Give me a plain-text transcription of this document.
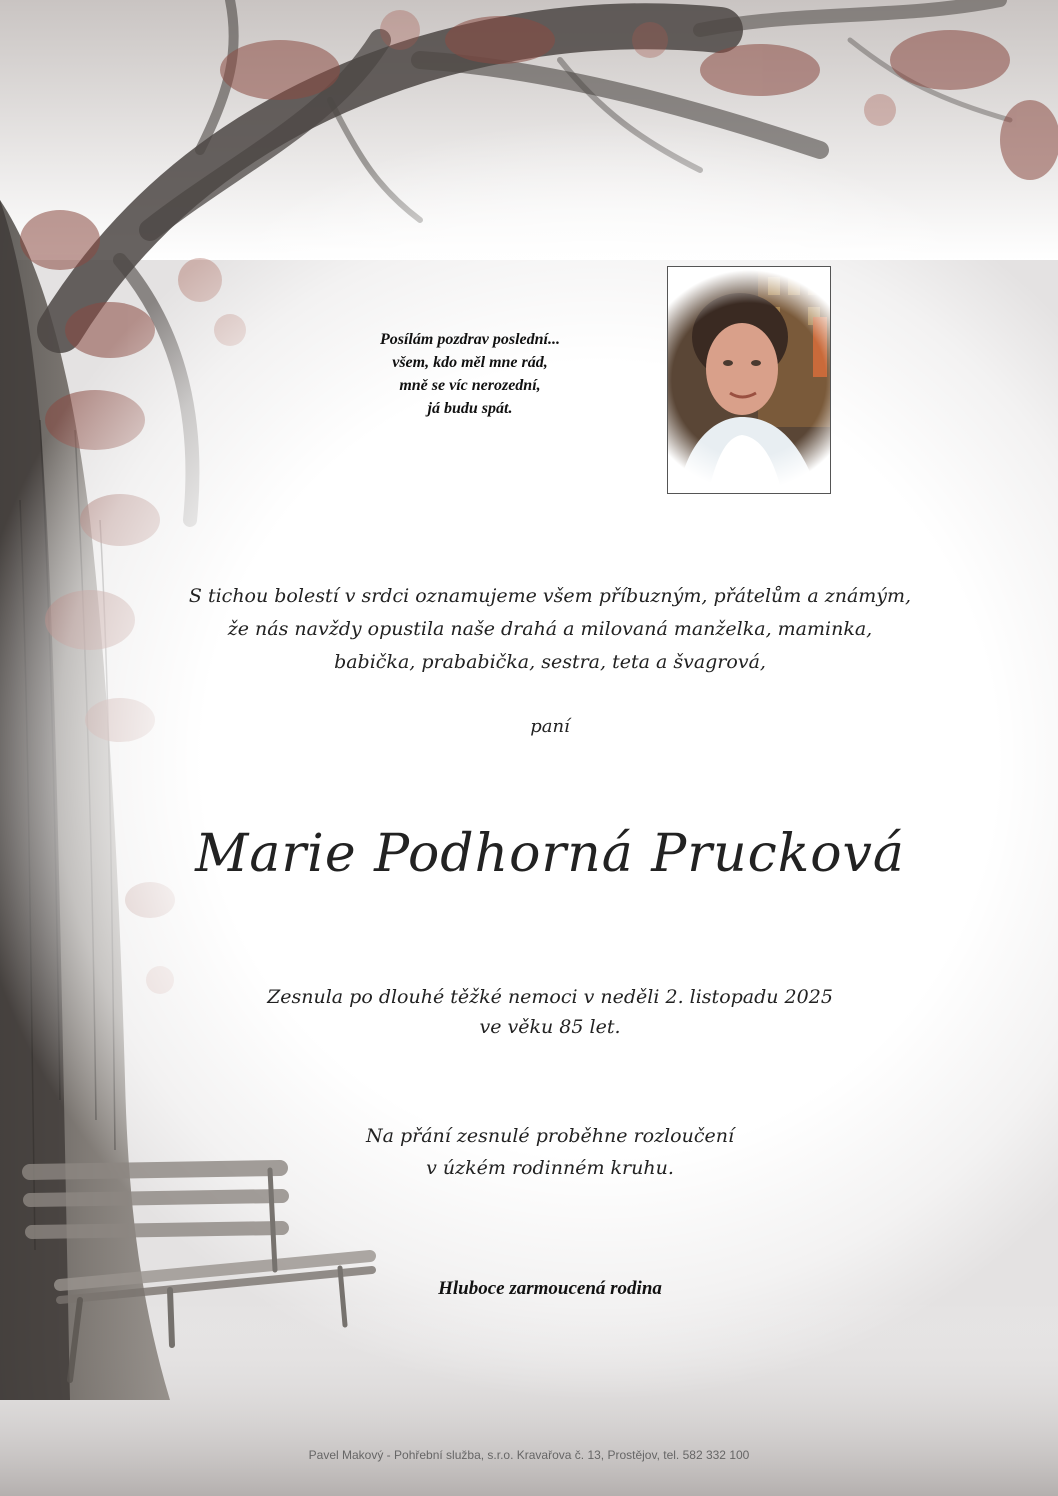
Posílám pozdrav poslední...
všem, kdo měl mne rád,
mně se víc nerozední,
já budu spát.
S tichou bolestí v srdci oznamujeme všem příbuzným, přátelům a známým,
že nás navždy opustila naše drahá a milovaná manželka, maminka,
babička, prababička, sestra, teta a švagrová,
paní
Marie Podhorná Prucková
Zesnula po dlouhé těžké nemoci v neděli 2. listopadu 2025
ve věku 85 let.
Na přání zesnulé proběhne rozloučení
v úzkém rodinném kruhu.
Hluboce zarmoucená rodina
Pavel Makový - Pohřební služba, s.r.o. Kravařova č. 13, Prostějov, tel. 582 332 100
